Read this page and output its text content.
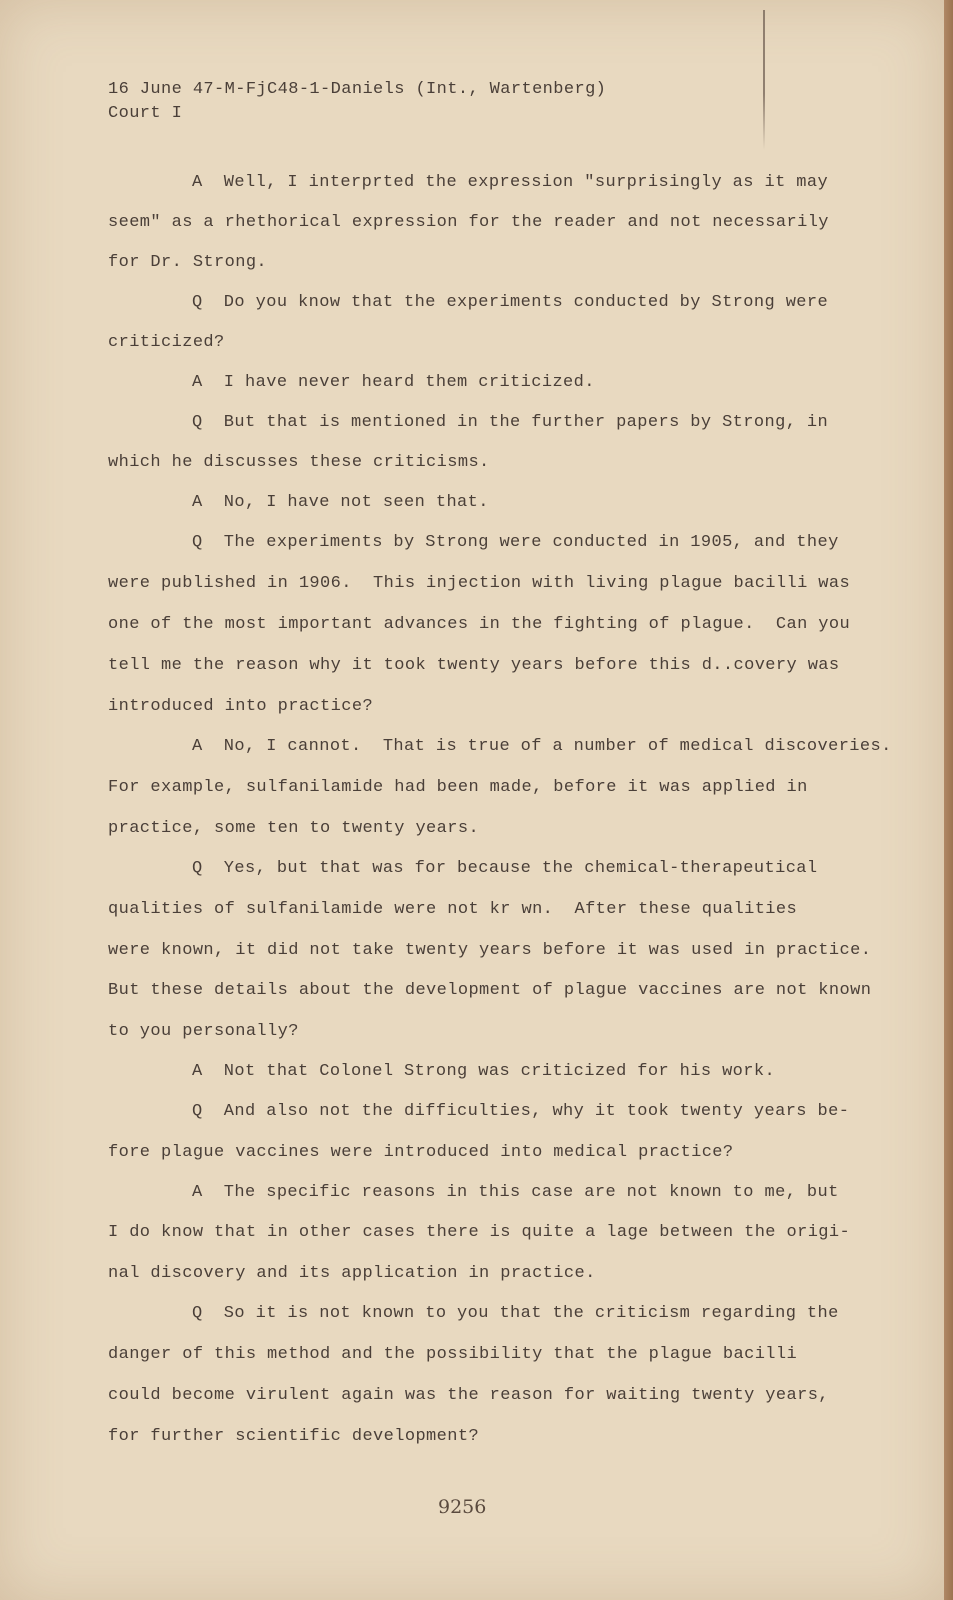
16 June 47-M-FjC48-1-Daniels (Int., Wartenberg)
Court I
A  Well, I interprted the expression "surprisingly as it may
seem" as a rhethorical expression for the reader and not necessarily
for Dr. Strong.
Q  Do you know that the experiments conducted by Strong were
criticized?
A  I have never heard them criticized.
Q  But that is mentioned in the further papers by Strong, in
which he discusses these criticisms.
A  No, I have not seen that.
Q  The experiments by Strong were conducted in 1905, and they
were published in 1906.  This injection with living plague bacilli was
one of the most important advances in the fighting of plague.  Can you
tell me the reason why it took twenty years before this d..covery was
introduced into practice?
A  No, I cannot.  That is true of a number of medical discoveries.
For example, sulfanilamide had been made, before it was applied in
practice, some ten to twenty years.
Q  Yes, but that was for because the chemical-therapeutical
qualities of sulfanilamide were not kr wn.  After these qualities
were known, it did not take twenty years before it was used in practice.
But these details about the development of plague vaccines are not known
to you personally?
A  Not that Colonel Strong was criticized for his work.
Q  And also not the difficulties, why it took twenty years be-
fore plague vaccines were introduced into medical practice?
A  The specific reasons in this case are not known to me, but
I do know that in other cases there is quite a lage between the origi-
nal discovery and its application in practice.
Q  So it is not known to you that the criticism regarding the
danger of this method and the possibility that the plague bacilli
could become virulent again was the reason for waiting twenty years,
for further scientific development?
9256
